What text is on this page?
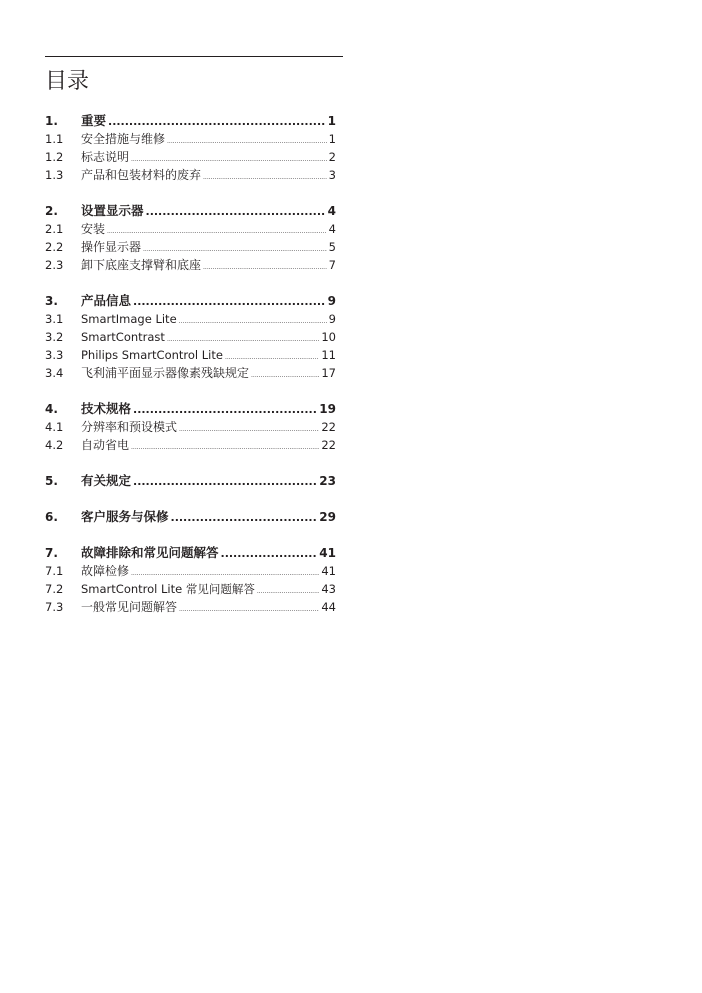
目录
1.	重要 .....	1
1.1	安全措施与维修 .....	1
1.2	标志说明 .....	2
1.3	产品和包装材料的废弃 .....	3
2.	设置显示器 .....	4
2.1	安装 .....	4
2.2	操作显示器 .....	5
2.3	卸下底座支撑臂和底座 .....	7
3.	产品信息 .....	9
3.1	SmartImage Lite .....	9
3.2	SmartContrast .....	10
3.3	Philips SmartControl Lite .....	11
3.4	飞利浦平面显示器像素残缺规定 .....	17
4.	技术规格 .....	19
4.1	分辨率和预设模式 .....	22
4.2	自动省电 .....	22
5.	有关规定 .....	23
6.	客户服务与保修 .....	29
7.	故障排除和常见问题解答 .....	41
7.1	故障检修 .....	41
7.2	SmartControl Lite 常见问题解答 .....	43
7.3	一般常见问题解答 .....	44
